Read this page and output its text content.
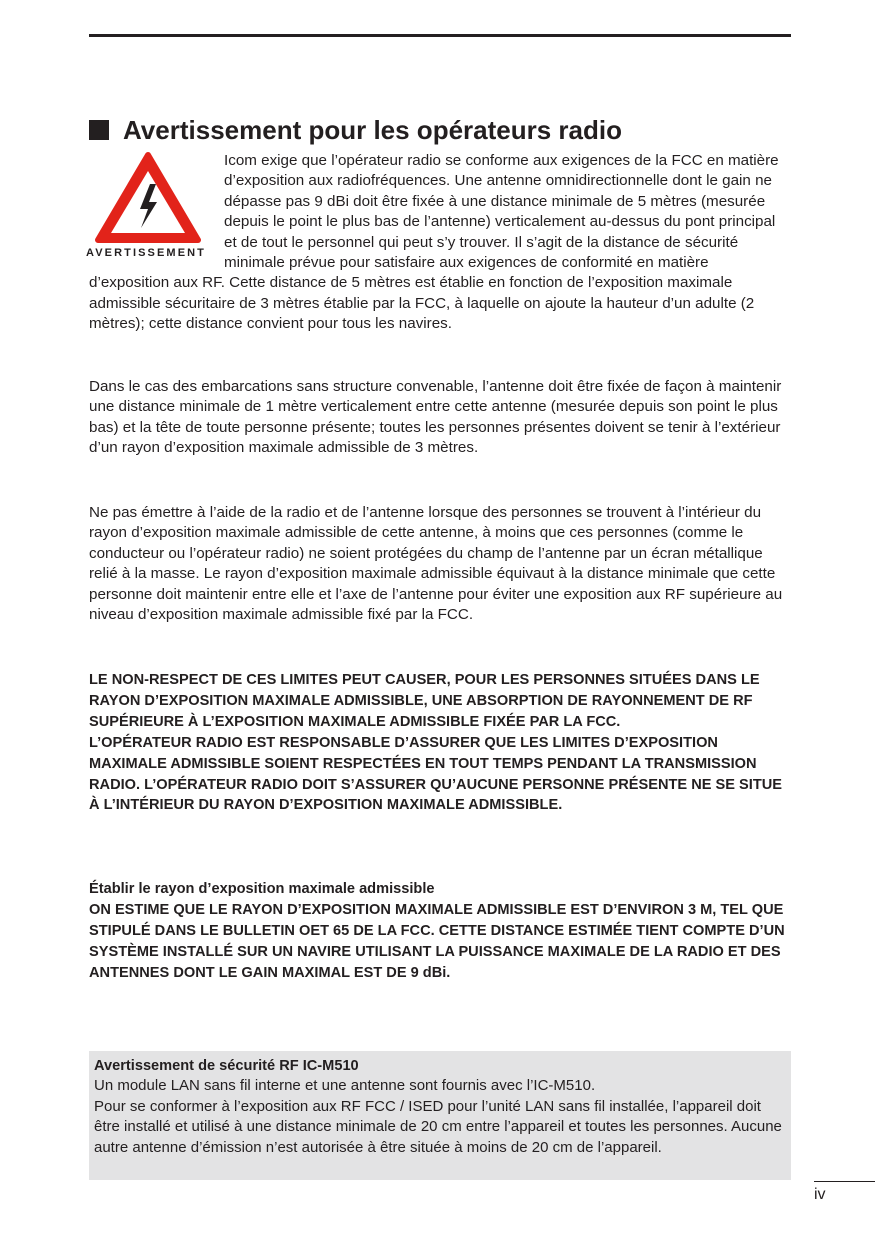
Avertissement pour les opérateurs radio
AVERTISSEMENT

Icom exige que l’opérateur radio se conforme aux exigences de la FCC en matière d’exposition aux radiofréquences. Une antenne omnidirectionnelle dont le gain ne dépasse pas 9 dBi doit être fixée à une distance minimale de 5 mètres (mesurée depuis le point le plus bas de l’antenne) verticalement au-dessus du pont principal et de tout le personnel qui peut s’y trouver. Il s’agit de la distance de sécurité minimale prévue pour satisfaire aux exigences de conformité en matière d’exposition aux RF. Cette distance de 5 mètres est établie en fonction de l’exposition maximale admissible sécuritaire de 3 mètres établie par la FCC, à laquelle on ajoute la hauteur d’un adulte (2 mètres); cette distance convient pour tous les navires.

Dans le cas des embarcations sans structure convenable, l’antenne doit être fixée de façon à maintenir une distance minimale de 1 mètre verticalement entre cette antenne (mesurée depuis son point le plus bas) et la tête de toute personne présente; toutes les personnes présentes doivent se tenir à l’extérieur d’un rayon d’exposition maximale admissible de 3 mètres.

Ne pas émettre à l’aide de la radio et de l’antenne lorsque des personnes se trouvent à l’intérieur du rayon d’exposition maximale admissible de cette antenne, à moins que ces personnes (comme le conducteur ou l’opérateur radio) ne soient protégées du champ de l’antenne par un écran métallique relié à la masse. Le rayon d’exposition maximale admissible équivaut à la distance minimale que cette personne doit maintenir entre elle et l’axe de l’antenne pour éviter une exposition aux RF supérieure au niveau d’exposition maximale admissible fixé par la FCC.

LE NON-RESPECT DE CES LIMITES PEUT CAUSER, POUR LES PERSONNES SITUÉES DANS LE RAYON D’EXPOSITION MAXIMALE ADMISSIBLE, UNE ABSORPTION DE RAYONNEMENT DE RF SUPÉRIEURE À L’EXPOSITION MAXIMALE ADMISSIBLE FIXÉE PAR LA FCC.
L’OPÉRATEUR RADIO EST RESPONSABLE D’ASSURER QUE LES LIMITES D’EXPOSITION MAXIMALE ADMISSIBLE SOIENT RESPECTÉES EN TOUT TEMPS PENDANT LA TRANSMISSION RADIO. L’OPÉRATEUR RADIO DOIT S’ASSURER QU’AUCUNE PERSONNE PRÉSENTE NE SE SITUE À L’INTÉRIEUR DU RAYON D’EXPOSITION MAXIMALE ADMISSIBLE.
Établir le rayon d’exposition maximale admissible
ON ESTIME QUE LE RAYON D’EXPOSITION MAXIMALE ADMISSIBLE EST D’ENVIRON 3 M, TEL QUE STIPULÉ DANS LE BULLETIN OET 65 DE LA FCC. CETTE DISTANCE ESTIMÉE TIENT COMPTE D’UN SYSTÈME INSTALLÉ SUR UN NAVIRE UTILISANT LA PUISSANCE MAXIMALE DE LA RADIO ET DES ANTENNES DONT LE GAIN MAXIMAL EST DE 9 dBi.
Avertissement de sécurité RF IC-M510
Un module LAN sans fil interne et une antenne sont fournis avec l’IC-M510.
Pour se conformer à l’exposition aux RF FCC / ISED pour l’unité LAN sans fil installée, l’appareil doit être installé et utilisé à une distance minimale de 20 cm entre l’appareil et toutes les personnes. Aucune autre antenne d’émission n’est autorisée à être située à moins de 20 cm de l’appareil.
iv
